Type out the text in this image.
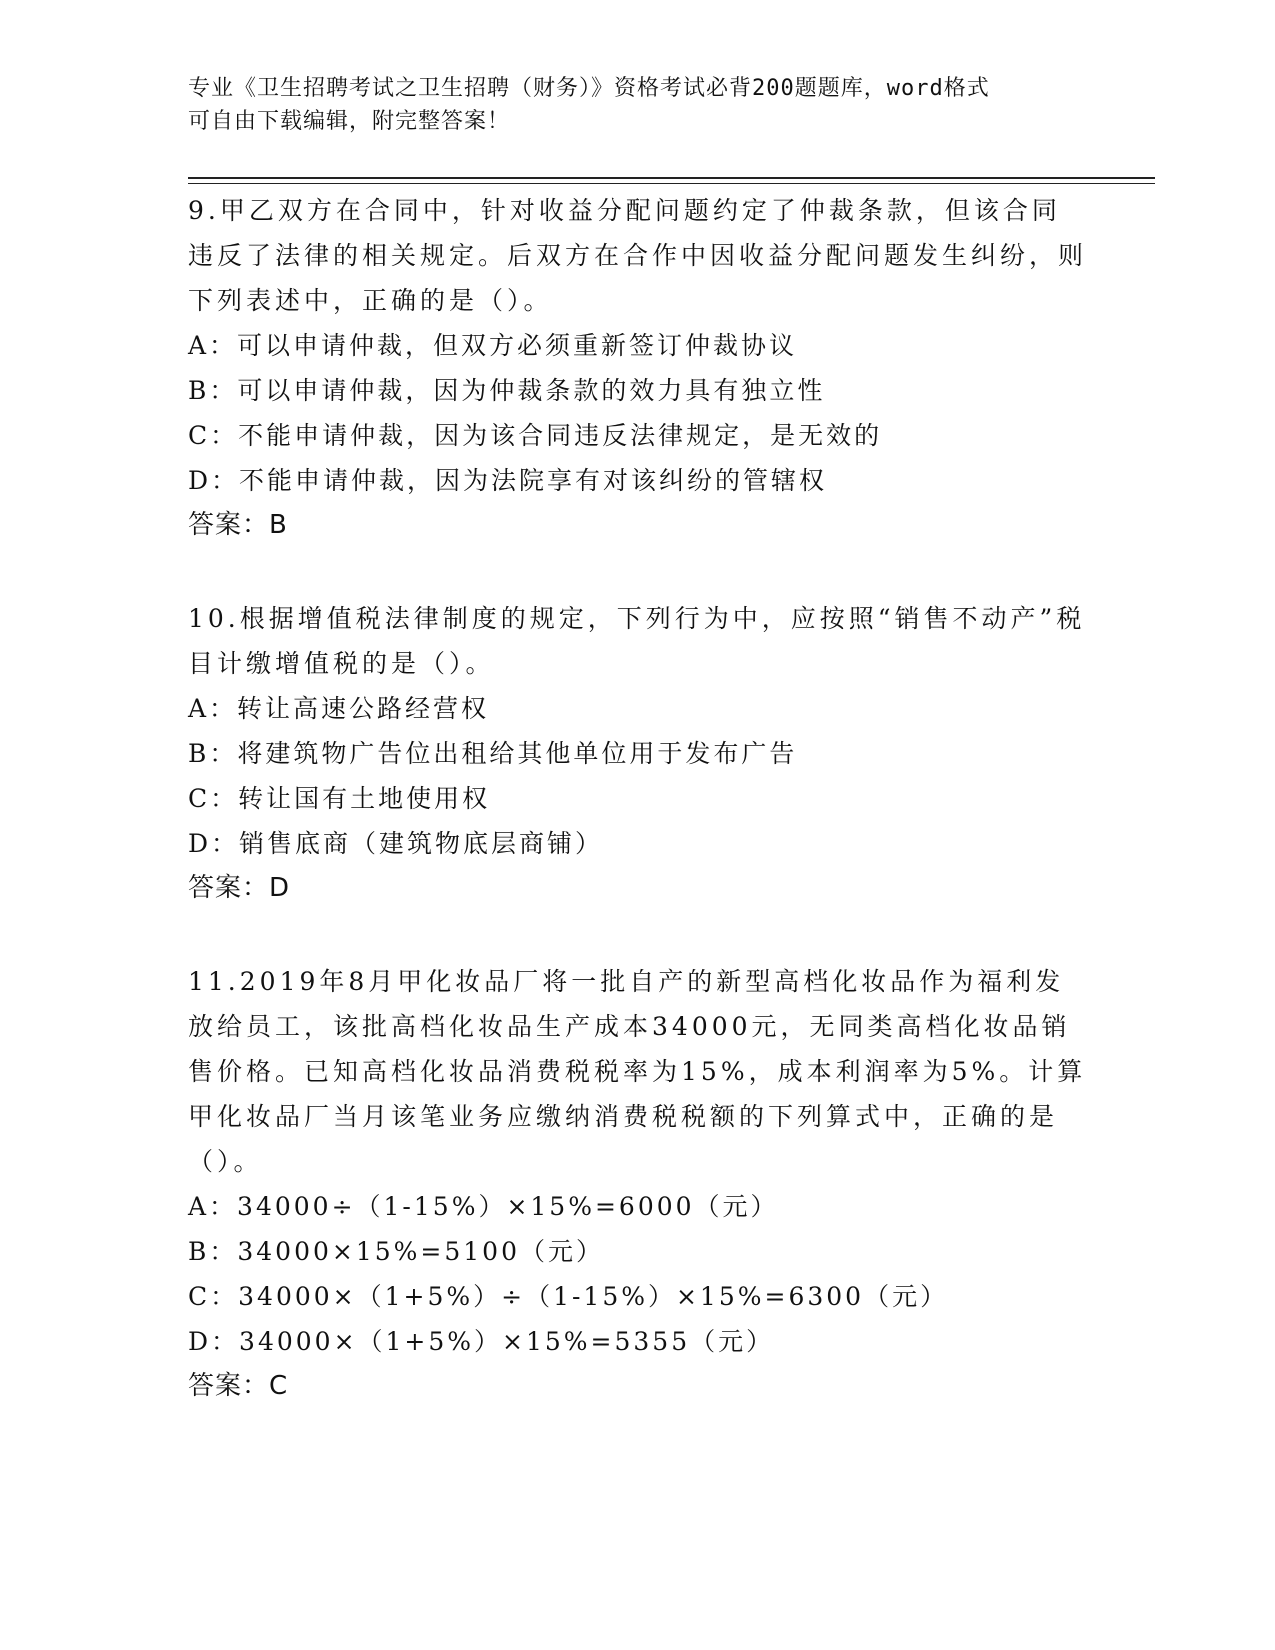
专业《卫生招聘考试之卫生招聘（财务）》资格考试必背200题题库，word格式
可自由下载编辑，附完整答案！
9.甲乙双方在合同中，针对收益分配问题约定了仲裁条款，但该合同违反了法律的相关规定。后双方在合作中因收益分配问题发生纠纷，则下列表述中，正确的是（）。
A：可以申请仲裁，但双方必须重新签订仲裁协议
B：可以申请仲裁，因为仲裁条款的效力具有独立性
C：不能申请仲裁，因为该合同违反法律规定，是无效的
D：不能申请仲裁，因为法院享有对该纠纷的管辖权
答案：B
10.根据增值税法律制度的规定，下列行为中，应按照“销售不动产”税目计缴增值税的是（）。
A：转让高速公路经营权
B：将建筑物广告位出租给其他单位用于发布广告
C：转让国有土地使用权
D：销售底商（建筑物底层商铺）
答案：D
11.2019年8月甲化妆品厂将一批自产的新型高档化妆品作为福利发放给员工，该批高档化妆品生产成本34000元，无同类高档化妆品销售价格。已知高档化妆品消费税税率为15%，成本利润率为5%。计算甲化妆品厂当月该笔业务应缴纳消费税税额的下列算式中，正确的是（）。
A：34000÷（1-15%）×15%=6000（元）
B：34000×15%=5100（元）
C：34000×（1+5%）÷（1-15%）×15%=6300（元）
D：34000×（1+5%）×15%=5355（元）
答案：C
